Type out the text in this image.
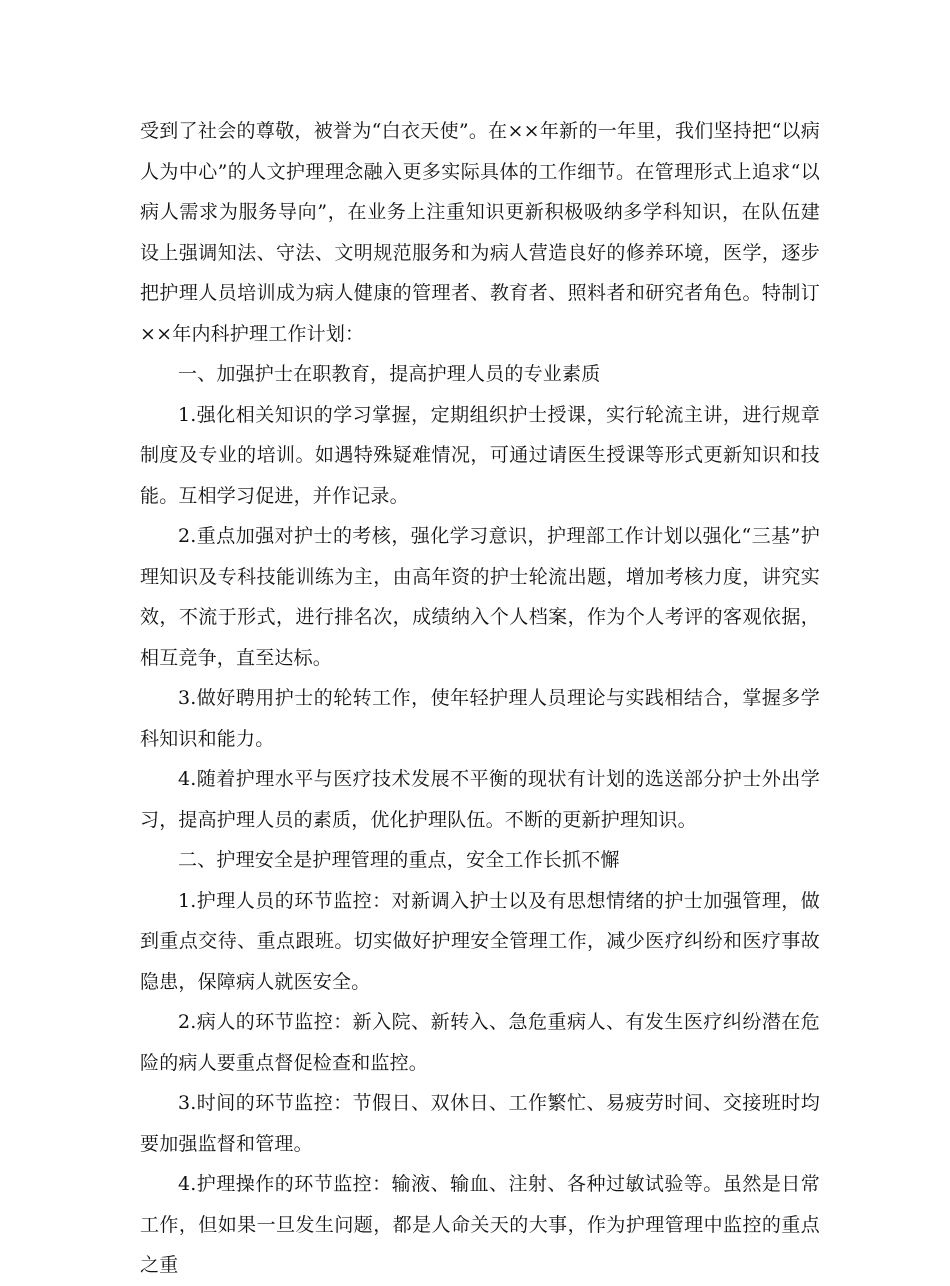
受到了社会的尊敬，被誉为“白衣天使”。在××年新的一年里，我们坚持把“以病人为中心”的人文护理理念融入更多实际具体的工作细节。在管理形式上追求“以病人需求为服务导向”，在业务上注重知识更新积极吸纳多学科知识，在队伍建设上强调知法、守法、文明规范服务和为病人营造良好的修养环境，医学，逐步把护理人员培训成为病人健康的管理者、教育者、照料者和研究者角色。特制订××年内科护理工作计划：

一、加强护士在职教育，提高护理人员的专业素质

1.强化相关知识的学习掌握，定期组织护士授课，实行轮流主讲，进行规章制度及专业的培训。如遇特殊疑难情况，可通过请医生授课等形式更新知识和技能。互相学习促进，并作记录。

2.重点加强对护士的考核，强化学习意识，护理部工作计划以强化“三基”护理知识及专科技能训练为主，由高年资的护士轮流出题，增加考核力度，讲究实效，不流于形式，进行排名次，成绩纳入个人档案，作为个人考评的客观依据，相互竞争，直至达标。

3.做好聘用护士的轮转工作，使年轻护理人员理论与实践相结合，掌握多学科知识和能力。

4.随着护理水平与医疗技术发展不平衡的现状有计划的选送部分护士外出学习，提高护理人员的素质，优化护理队伍。不断的更新护理知识。

二、护理安全是护理管理的重点，安全工作长抓不懈

1.护理人员的环节监控：对新调入护士以及有思想情绪的护士加强管理，做到重点交待、重点跟班。切实做好护理安全管理工作，减少医疗纠纷和医疗事故隐患，保障病人就医安全。

2.病人的环节监控：新入院、新转入、急危重病人、有发生医疗纠纷潜在危险的病人要重点督促检查和监控。

3.时间的环节监控：节假日、双休日、工作繁忙、易疲劳时间、交接班时均要加强监督和管理。

4.护理操作的环节监控：输液、输血、注射、各种过敏试验等。虽然是日常工作，但如果一旦发生问题，都是人命关天的大事，作为护理管理中监控的重点之重
